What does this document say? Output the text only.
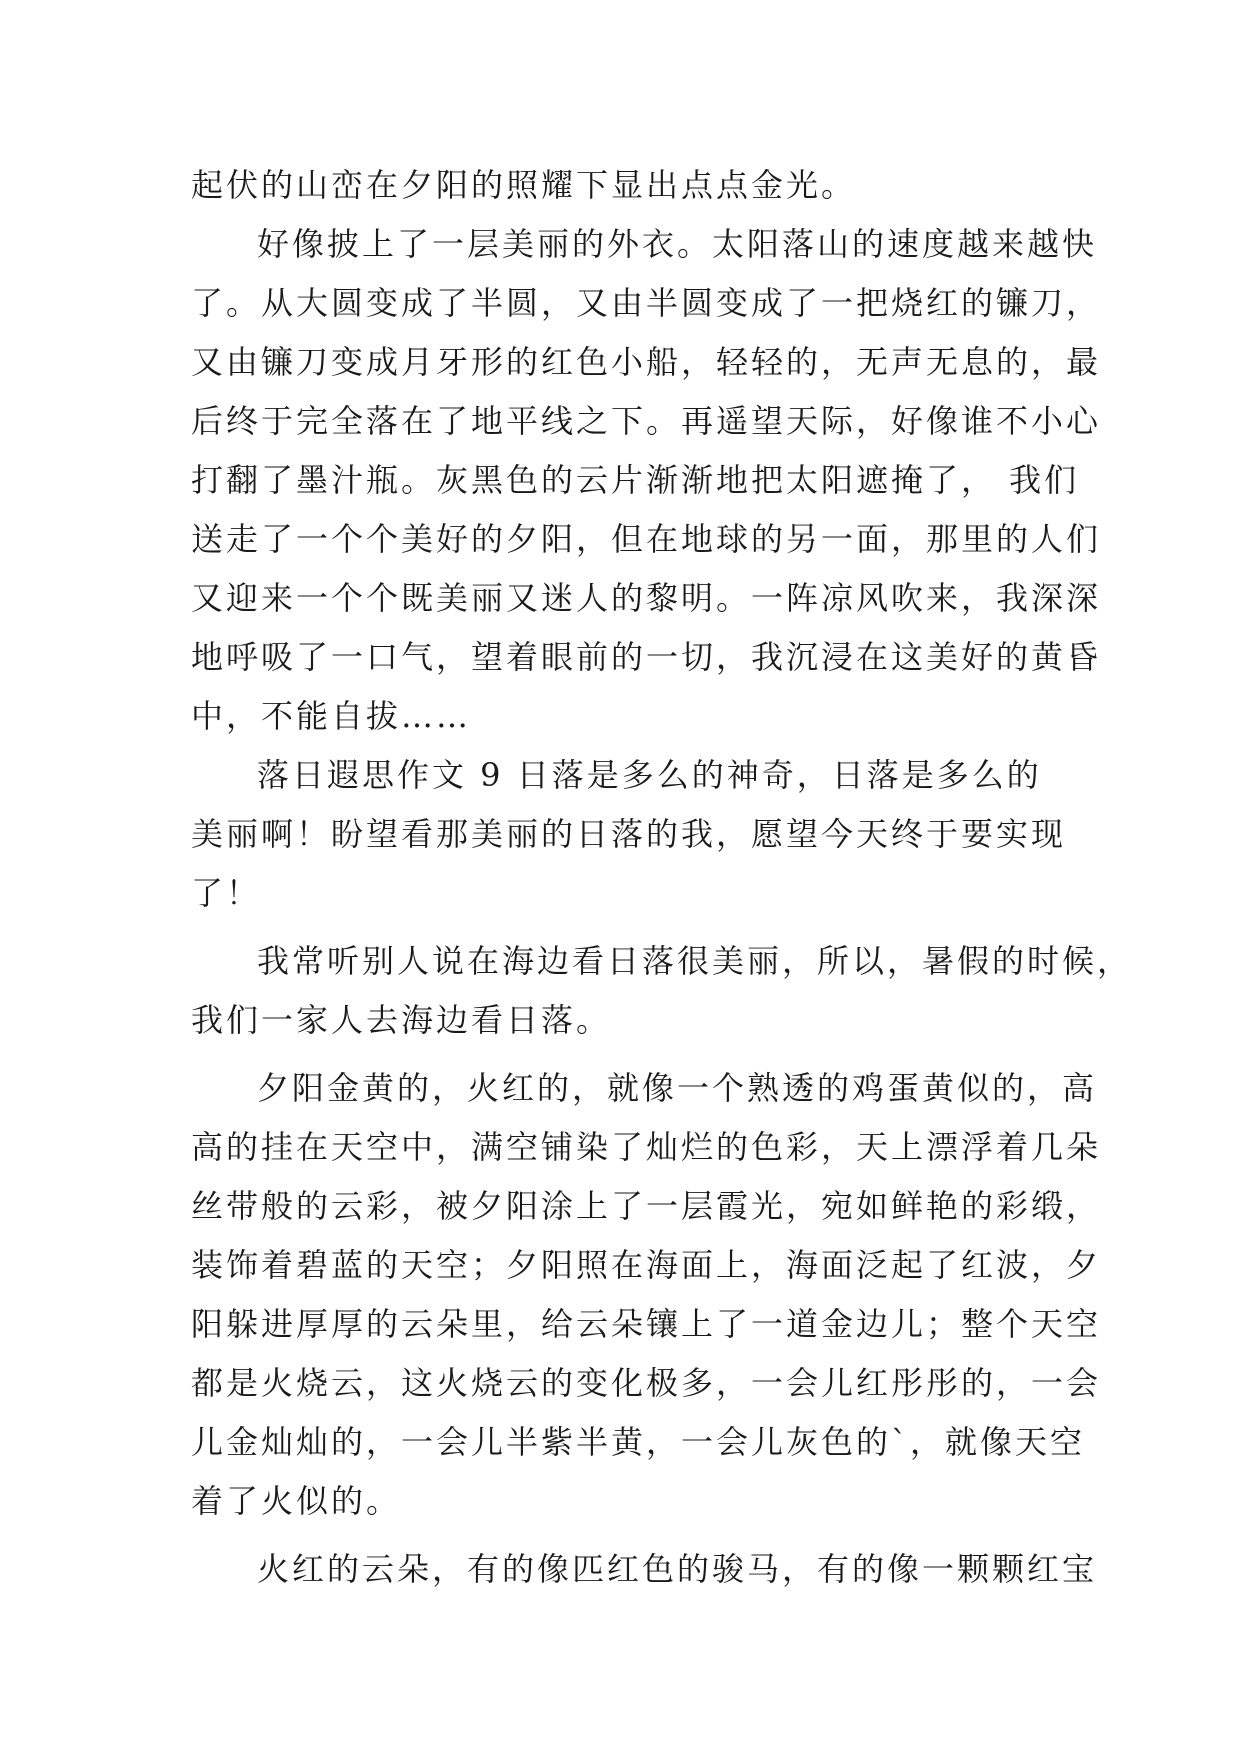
起伏的山峦在夕阳的照耀下显出点点金光。
好像披上了一层美丽的外衣。太阳落山的速度越来越快
了。从大圆变成了半圆，又由半圆变成了一把烧红的镰刀，
又由镰刀变成月牙形的红色小船，轻轻的，无声无息的，最
后终于完全落在了地平线之下。再遥望天际，好像谁不小心
打翻了墨汁瓶。灰黑色的云片渐渐地把太阳遮掩了， 我们
送走了一个个美好的夕阳，但在地球的另一面，那里的人们
又迎来一个个既美丽又迷人的黎明。一阵凉风吹来，我深深
地呼吸了一口气，望着眼前的一切，我沉浸在这美好的黄昏
中，不能自拔……
落日遐思作文 9 日落是多么的神奇，日落是多么的
美丽啊！盼望看那美丽的日落的我，愿望今天终于要实现
了！
我常听别人说在海边看日落很美丽，所以，暑假的时候，
我们一家人去海边看日落。
夕阳金黄的，火红的，就像一个熟透的鸡蛋黄似的，高
高的挂在天空中，满空铺染了灿烂的色彩，天上漂浮着几朵
丝带般的云彩，被夕阳涂上了一层霞光，宛如鲜艳的彩缎，
装饰着碧蓝的天空；夕阳照在海面上，海面泛起了红波，夕
阳躲进厚厚的云朵里，给云朵镶上了一道金边儿；整个天空
都是火烧云，这火烧云的变化极多，一会儿红彤彤的，一会
儿金灿灿的，一会儿半紫半黄，一会儿灰色的`，就像天空
着了火似的。
火红的云朵，有的像匹红色的骏马，有的像一颗颗红宝
